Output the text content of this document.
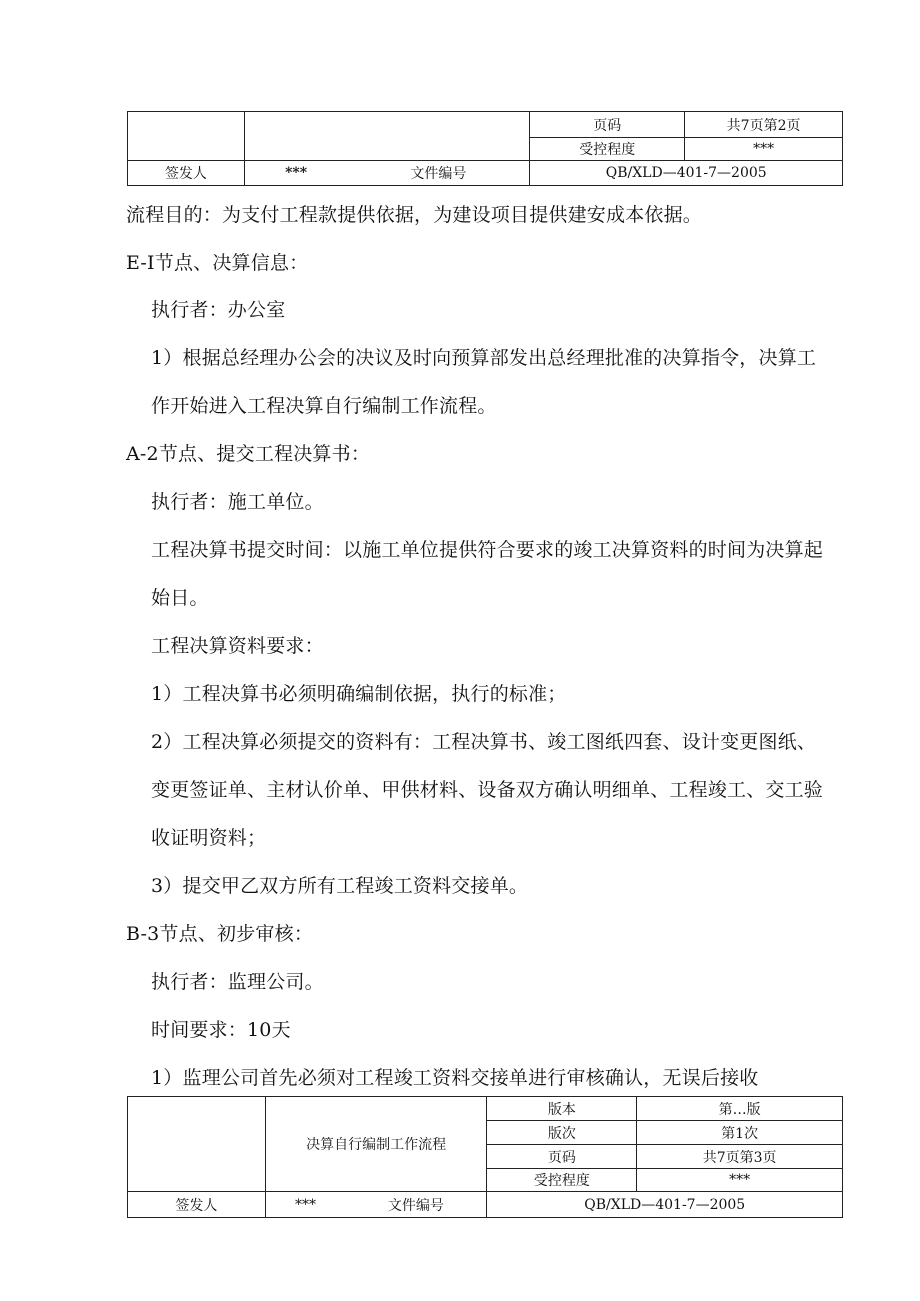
		页码	共7页第2页
		受控程度	***
签发人	*** 文件编号	QB/XLD—401-7—2005	
流程目的：为支付工程款提供依据，为建设项目提供建安成本依据。
E-I节点、决算信息：
执行者：办公室
1）根据总经理办公会的决议及时向预算部发出总经理批准的决算指令，决算工
作开始进入工程决算自行编制工作流程。
A-2节点、提交工程决算书：
执行者：施工单位。
工程决算书提交时间：以施工单位提供符合要求的竣工决算资料的时间为决算起
始日。
工程决算资料要求：
1）工程决算书必须明确编制依据，执行的标准；
2）工程决算必须提交的资料有：工程决算书、竣工图纸四套、设计变更图纸、
变更签证单、主材认价单、甲供材料、设备双方确认明细单、工程竣工、交工验
收证明资料；
3）提交甲乙双方所有工程竣工资料交接单。
B-3节点、初步审核：
执行者：监理公司。
时间要求：10天
1）监理公司首先必须对工程竣工资料交接单进行审核确认，无误后接收
	决算自行编制工作流程	版本	第…版
		版次	第1次
		页码	共7页第3页
		受控程度	***
签发人	*** 文件编号	QB/XLD—401-7—2005	
